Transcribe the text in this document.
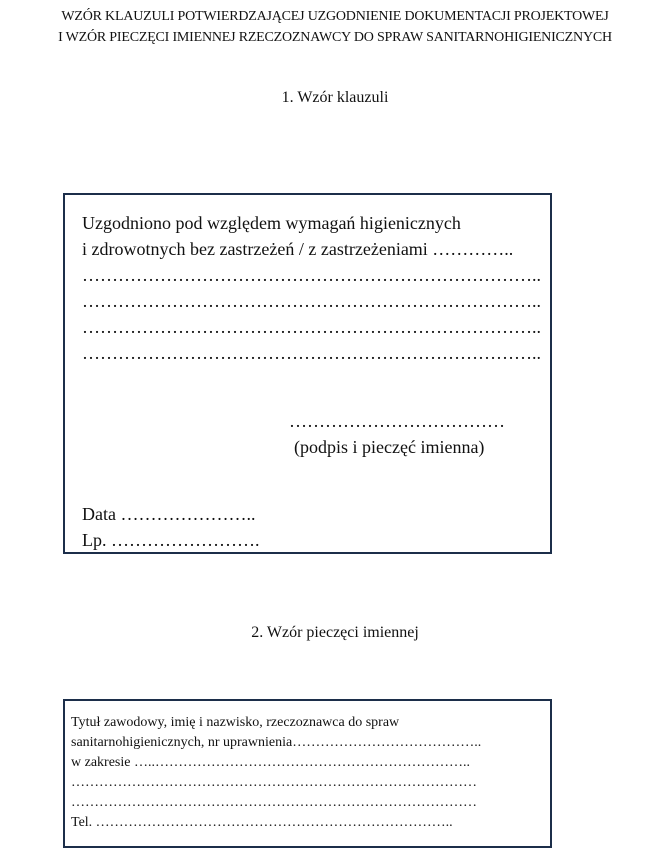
WZÓR KLAUZULI POTWIERDZAJĄCEJ UZGODNIENIE DOKUMENTACJI PROJEKTOWEJ
I WZÓR PIECZĘCI IMIENNEJ RZECZOZNAWCY DO SPRAW SANITARNOHIGIENICZNYCH
1. Wzór klauzuli
Uzgodniono pod względem wymagań higienicznych
i zdrowotnych bez zastrzeżeń / z zastrzeżeniami …………..
…………………………………………………………………..
…………………………………………………………………..
…………………………………………………………………..
…………………………………………………………………..
………………………………
(podpis i pieczęć imienna)
Data …………………..
Lp. …………………….
2. Wzór pieczęci imiennej
Tytuł zawodowy, imię i nazwisko, rzeczoznawca do spraw
sanitarnohigienicznych, nr uprawnienia…………………………………..
w zakresie …..…………………………………………………………..
……………………………………………………………………………
……………………………………………………………………………
Tel. …………………………………………………………………..
